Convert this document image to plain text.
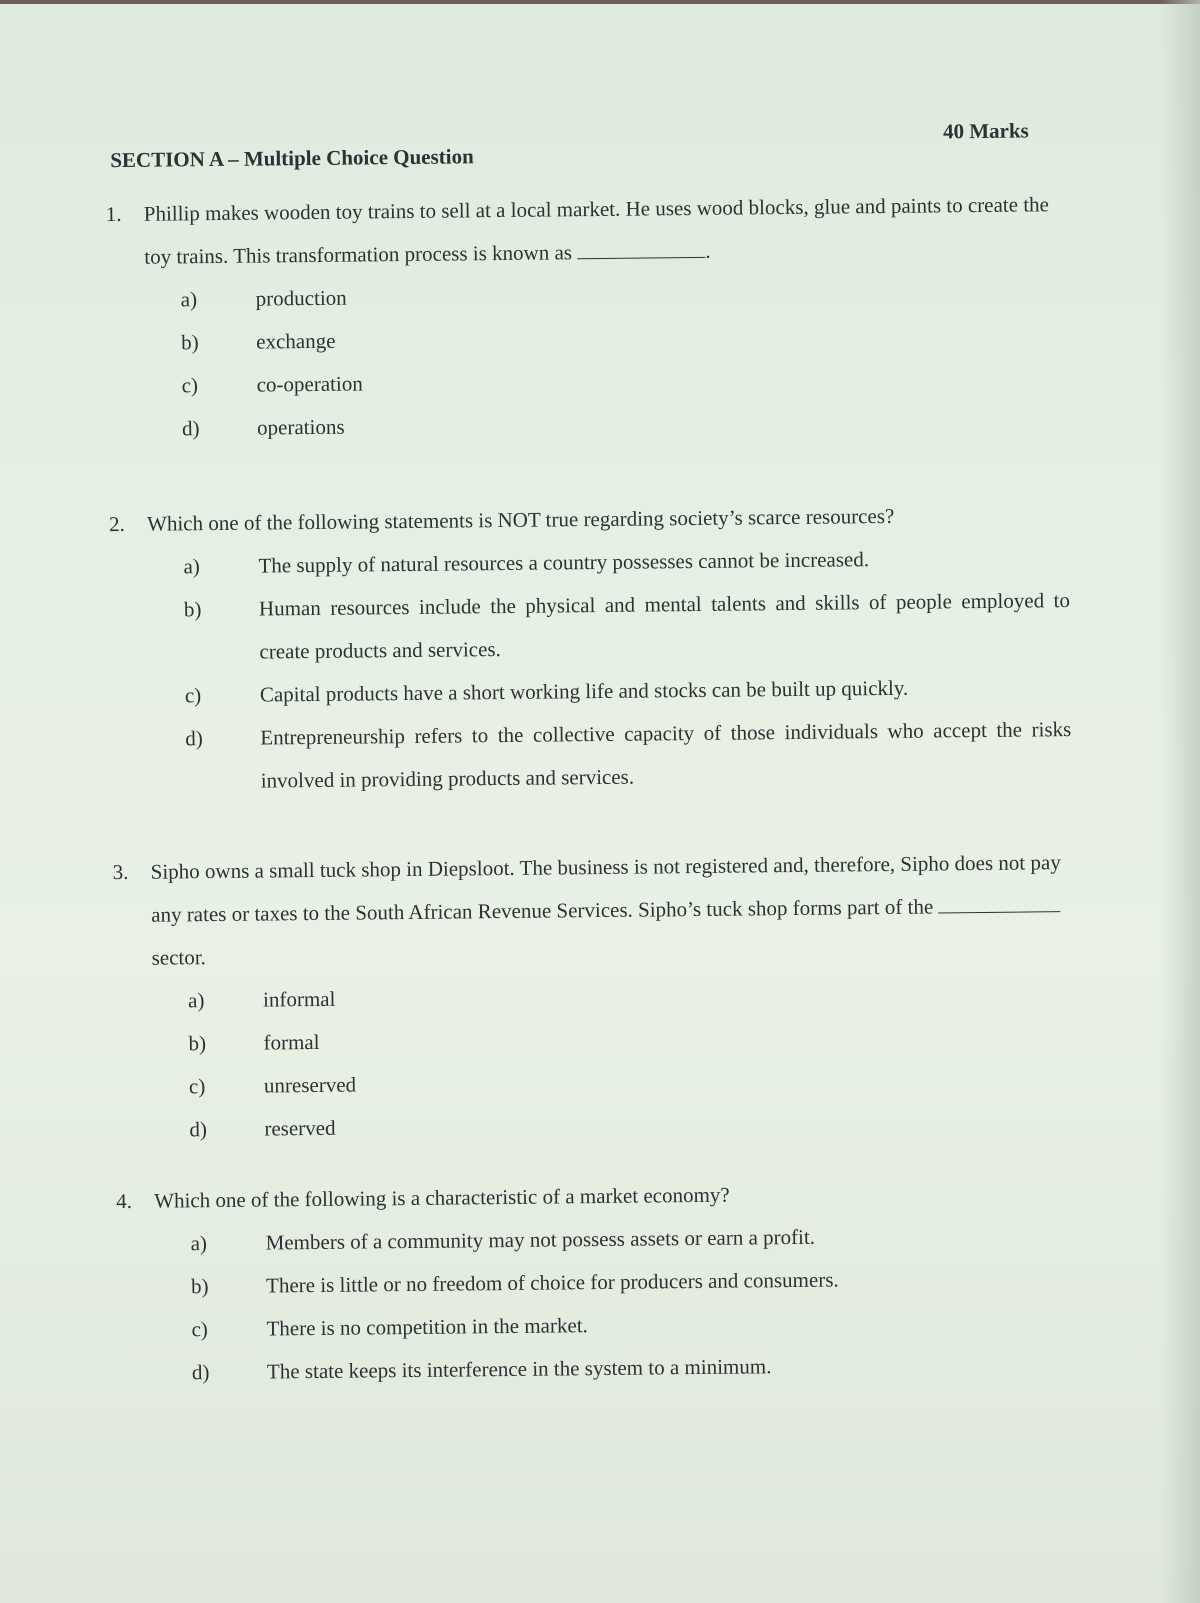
SECTION A – Multiple Choice Question
40 Marks
1. Phillip makes wooden toy trains to sell at a local market. He uses wood blocks, glue and paints to create the toy trains. This transformation process is known as	.
a)	production
b)	exchange
c)	co-operation
d)	operations
2. Which one of the following statements is NOT true regarding society’s scarce resources?
a)	The supply of natural resources a country possesses cannot be increased.
b)	Human resources include the physical and mental talents and skills of people employed to create products and services.
c)	Capital products have a short working life and stocks can be built up quickly.
d)	Entrepreneurship refers to the collective capacity of those individuals who accept the risks involved in providing products and services.
3. Sipho owns a small tuck shop in Diepsloot. The business is not registered and, therefore, Sipho does not pay any rates or taxes to the South African Revenue Services. Sipho’s tuck shop forms part of the  sector.
a)	informal
b)	formal
c)	unreserved
d)	reserved
4. Which one of the following is a characteristic of a market economy?
a)	Members of a community may not possess assets or earn a profit.
b)	There is little or no freedom of choice for producers and consumers.
c)	There is no competition in the market.
d)	The state keeps its interference in the system to a minimum.
